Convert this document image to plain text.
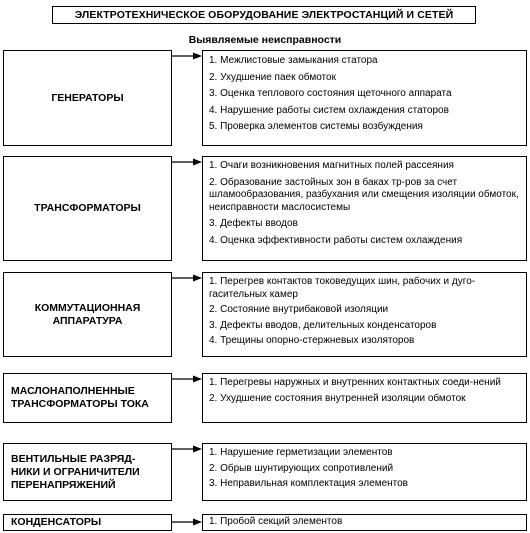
ЭЛЕКТРОТЕХНИЧЕСКОЕ ОБОРУДОВАНИЕ ЭЛЕКТРОСТАНЦИЙ И СЕТЕЙ
Выявляемые неисправности
ГЕНЕРАТОРЫ
1. Межлистовые замыкания статора
2. Ухудшение паек обмоток
3. Оценка теплового состояния щеточного аппарата
4. Нарушение работы систем охлаждения статоров
5. Проверка элементов системы возбуждения
ТРАНСФОРМАТОРЫ
1. Очаги возникновения магнитных полей рассеяния
2. Образование застойных зон в баках тр-ров за счет шламообразования, разбухания или смещения изоляции обмоток, неисправности маслосистемы
3. Дефекты вводов
4. Оценка эффективности работы систем охлаждения
КОММУТАЦИОННАЯ АППАРАТУРА
1. Перегрев контактов токоведущих шин, рабочих и дуго-гасительных камер
2. Состояние внутрибаковой изоляции
3. Дефекты вводов, делительных конденсаторов
4. Трещины опорно-стержневых изоляторов
МАСЛОНАПОЛНЕННЫЕ ТРАНСФОРМАТОРЫ ТОКА
1. Перегревы наружных и внутренних контактных соеди-нений
2. Ухудшение состояния внутренней изоляции обмоток
ВЕНТИЛЬНЫЕ РАЗРЯД-НИКИ И ОГРАНИЧИТЕЛИ ПЕРЕНАПРЯЖЕНИЙ
1. Нарушение герметизации элементов
2. Обрыв шунтирующих сопротивлений
3. Неправильная комплектация элементов
КОНДЕНСАТОРЫ	1. Пробой секций элементов
